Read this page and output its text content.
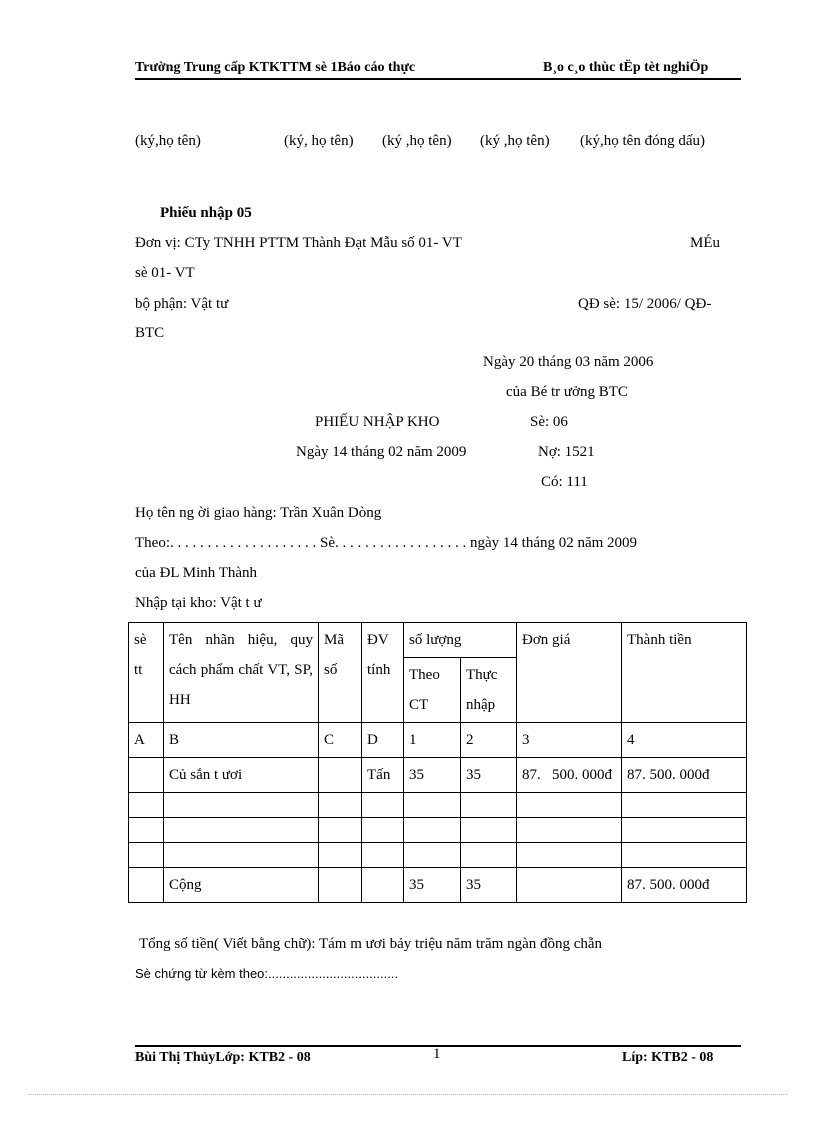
Trường Trung cấp KTKTTM sè 1Báo cáo thực	B¸o c¸o thùc tËp tèt nghiÖp
(ký,họ tên)	(ký, họ tên) (ký ,họ tên) (ký ,họ tên) (ký,họ tên đóng dấu)
Phiếu nhập 05
Đơn vị: CTy TNHH PTTM Thành Đạt Mẫu số 01- VT	MÉu
sè 01- VT
bộ phận: Vật tư	QĐ sè: 15/ 2006/ QĐ-
BTC
Ngày 20 tháng 03 năm 2006
của Bé tr ưởng BTC
PHIẾU NHẬP KHO	Sè: 06
Ngày 14 tháng 02 năm 2009	Nợ: 1521
Có: 111
Họ tên ng ời giao hàng: Trần Xuân Dòng
Theo:. . . . . . . . . . . . . . . . . . . . Sè. . . . . . . . . . . . . . . . . . ngày 14 tháng 02 năm 2009
của ĐL Minh Thành
Nhập tại kho: Vật t ư
sè tt	Tên nhãn hiệu, quy cách phẩm chất VT, SP, HH	Mã số	ĐV tính	số lượng		Đơn giá	Thành tiền
				Theo CT	Thực nhập		
A	B	C	D	1	2	3	4
	Củ sắn t ươi		Tấn	35	35	87.   500. 000đ	87. 500. 000đ

	Cộng			35	35		87. 500. 000đ
Tổng số tiền( Viết bằng chữ): Tám m ươi bảy triệu năm trăm ngàn đồng chẵn
Sè chứng từ kèm theo:....................................
Bùi Thị ThủyLớp: KTB2 - 08	1	Líp: KTB2 - 08
